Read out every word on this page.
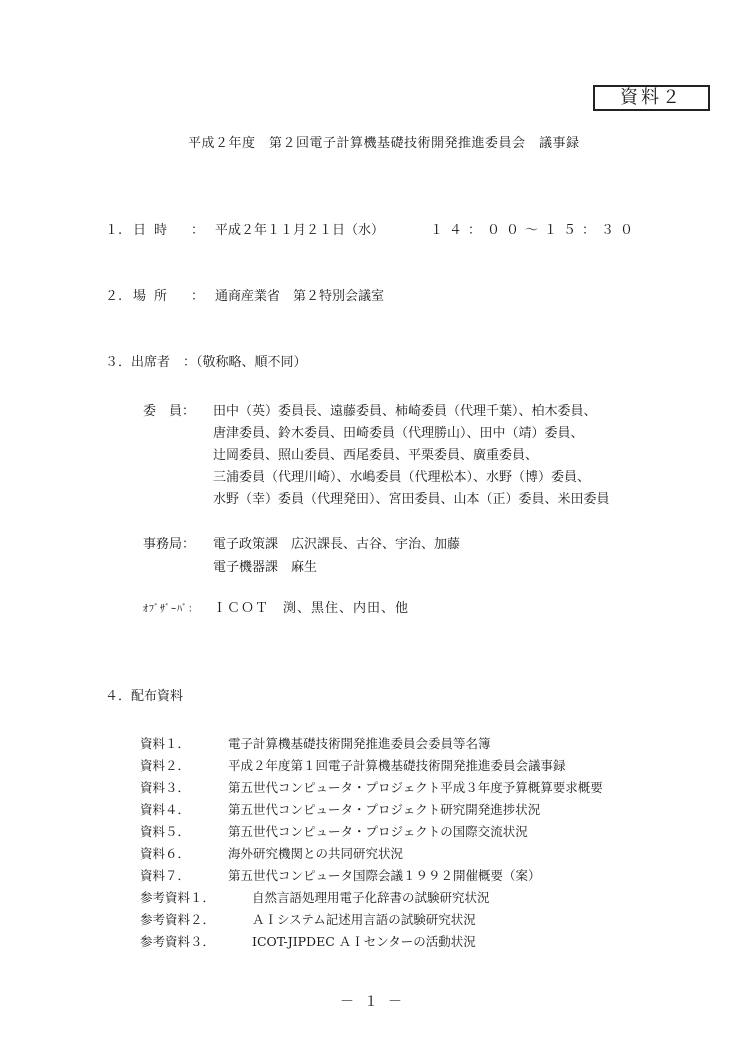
資料２
平成２年度　第２回電子計算機基礎技術開発推進委員会　議事録
１. 日時 ： 平成２年１１月２１日（水）	１４：００～１５：３０
２. 場所 ： 通商産業省　第２特別会議室
３．出席者　：（敬称略、順不同）
委　員： 田中（英）委員長、遠藤委員、柿崎委員（代理千葉）、柏木委員、
唐津委員、鈴木委員、田崎委員（代理勝山）、田中（靖）委員、
辻岡委員、照山委員、西尾委員、平栗委員、廣重委員、
三浦委員（代理川崎）、水嶋委員（代理松本）、水野（博）委員、
水野（幸）委員（代理発田）、宮田委員、山本（正）委員、米田委員
事務局： 電子政策課　広沢課長、古谷、宇治、加藤
電子機器課　麻生
ｵﾌﾞｻﾞｰﾊﾞ： ＩＣＯＴ　渕、黒住、内田、他
４．配布資料
資料１．	電子計算機基礎技術開発推進委員会委員等名簿
資料２．	平成２年度第１回電子計算機基礎技術開発推進委員会議事録
資料３．	第五世代コンピュータ・プロジェクト平成３年度予算概算要求概要
資料４．	第五世代コンピュータ・プロジェクト研究開発進捗状況
資料５．	第五世代コンピュータ・プロジェクトの国際交流状況
資料６．	海外研究機関との共同研究状況
資料７．	第五世代コンピュータ国際会議１９９２開催概要（案）
参考資料１．	自然言語処理用電子化辞書の試験研究状況
参考資料２．	ＡＩシステム記述用言語の試験研究状況
参考資料３．	ICOT-JIPDEC ＡＩセンターの活動状況
－１－
